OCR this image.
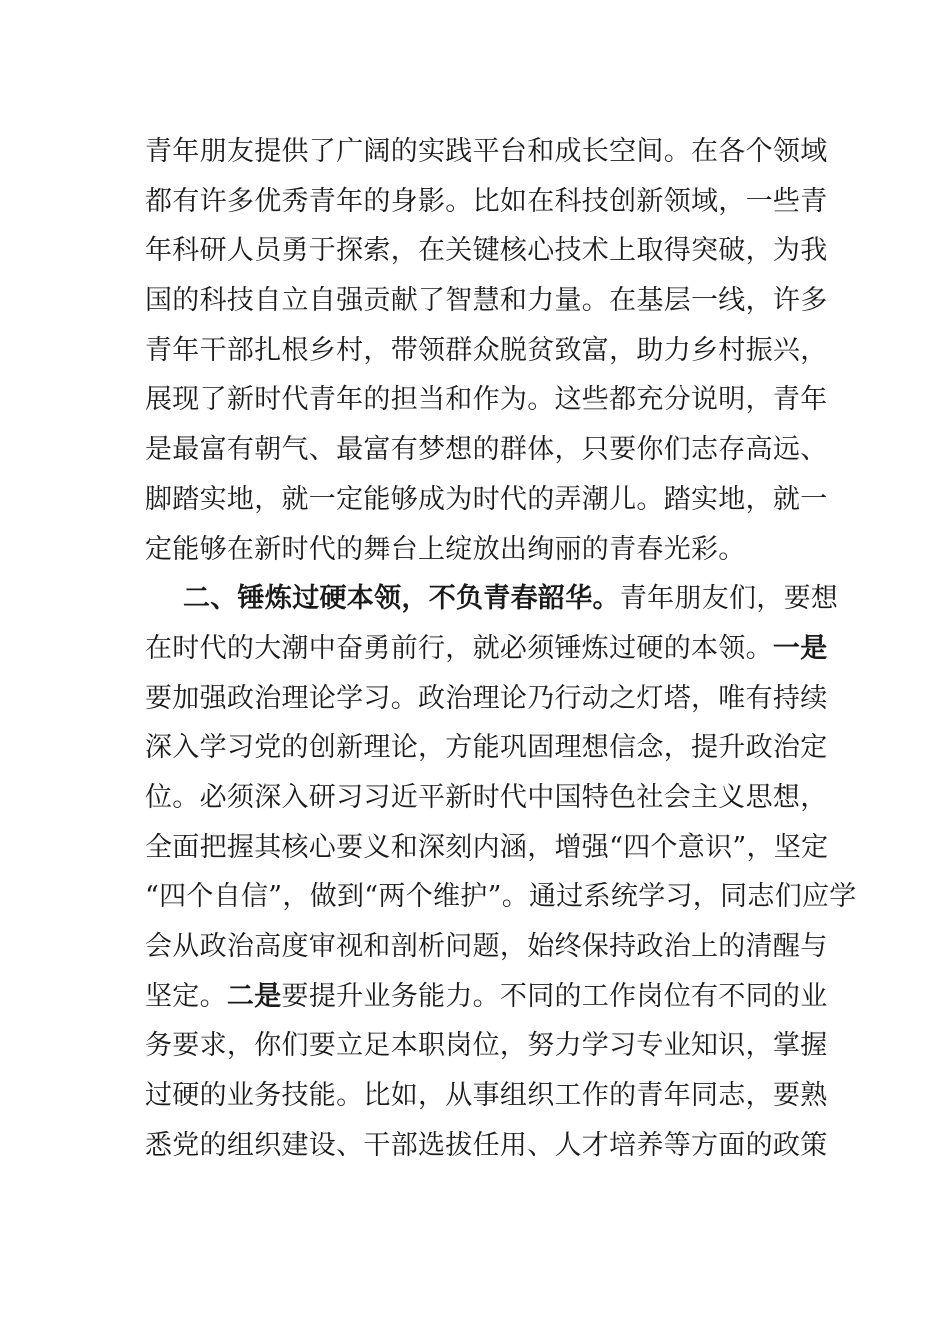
青年朋友提供了广阔的实践平台和成长空间。在各个领域
都有许多优秀青年的身影。比如在科技创新领域，一些青
年科研人员勇于探索，在关键核心技术上取得突破，为我
国的科技自立自强贡献了智慧和力量。在基层一线，许多
青年干部扎根乡村，带领群众脱贫致富，助力乡村振兴，
展现了新时代青年的担当和作为。这些都充分说明，青年
是最富有朝气、最富有梦想的群体，只要你们志存高远、
脚踏实地，就一定能够成为时代的弄潮儿。踏实地，就一
定能够在新时代的舞台上绽放出绚丽的青春光彩。
二、锤炼过硬本领，不负青春韶华。青年朋友们，要想
在时代的大潮中奋勇前行，就必须锤炼过硬的本领。一是
要加强政治理论学习。政治理论乃行动之灯塔，唯有持续
深入学习党的创新理论，方能巩固理想信念，提升政治定
位。必须深入研习习近平新时代中国特色社会主义思想，
全面把握其核心要义和深刻内涵，增强“四个意识”，坚定
“四个自信”，做到“两个维护”。通过系统学习，同志们应学
会从政治高度审视和剖析问题，始终保持政治上的清醒与
坚定。二是要提升业务能力。不同的工作岗位有不同的业
务要求，你们要立足本职岗位，努力学习专业知识，掌握
过硬的业务技能。比如，从事组织工作的青年同志，要熟
悉党的组织建设、干部选拔任用、人才培养等方面的政策
